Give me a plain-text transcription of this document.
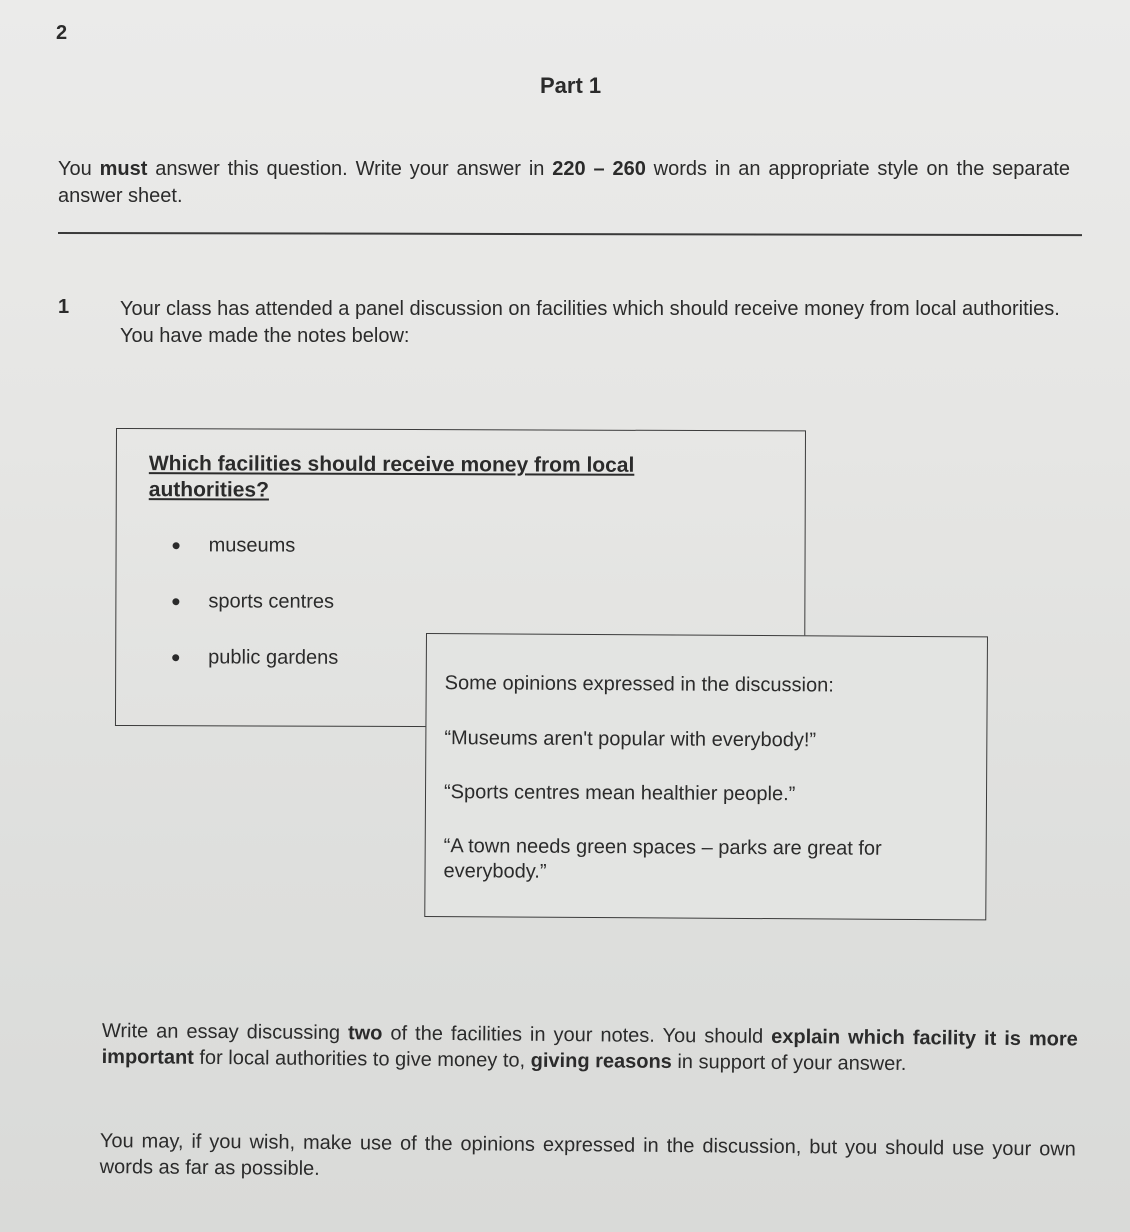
2
Part 1
You must answer this question. Write your answer in 220 – 260 words in an appropriate style on the separate answer sheet.
1	Your class has attended a panel discussion on facilities which should receive money from local authorities. You have made the notes below:
Which facilities should receive money from local authorities?
museums
sports centres
public gardens
Some opinions expressed in the discussion:
“Museums aren't popular with everybody!”
“Sports centres mean healthier people.”
“A town needs green spaces – parks are great for everybody.”
Write an essay discussing two of the facilities in your notes. You should explain which facility it is more important for local authorities to give money to, giving reasons in support of your answer.
You may, if you wish, make use of the opinions expressed in the discussion, but you should use your own words as far as possible.
